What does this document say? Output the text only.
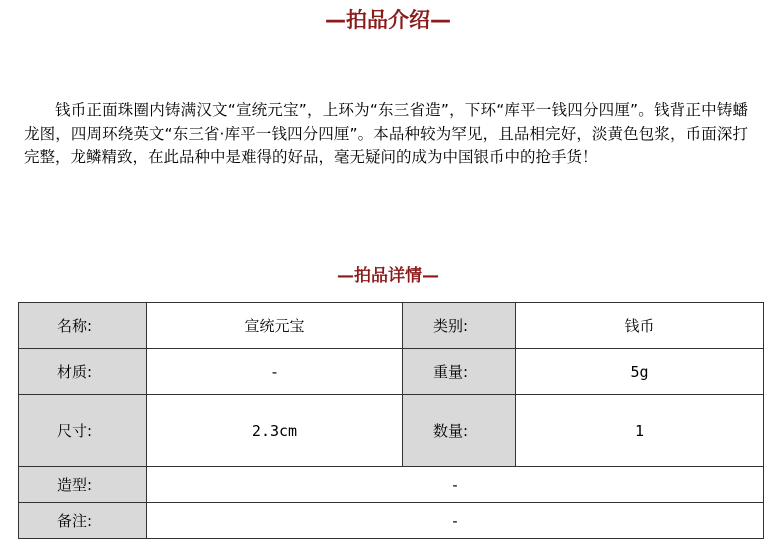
—拍品介绍—
钱币正面珠圈内铸满汉文“宣统元宝”，上环为“东三省造”，下环“库平一钱四分四厘”。钱背正中铸蟠龙图，四周环绕英文“东三省·库平一钱四分四厘”。本品种较为罕见，且品相完好，淡黄色包浆，币面深打完整，龙鳞精致，在此品种中是难得的好品，毫无疑问的成为中国银币中的抢手货！
—拍品详情—
名称:	宣统元宝	类别:	钱币
材质:	-	重量:	5g
尺寸:	2.3cm	数量:	1
造型:	-		
备注:	-		
